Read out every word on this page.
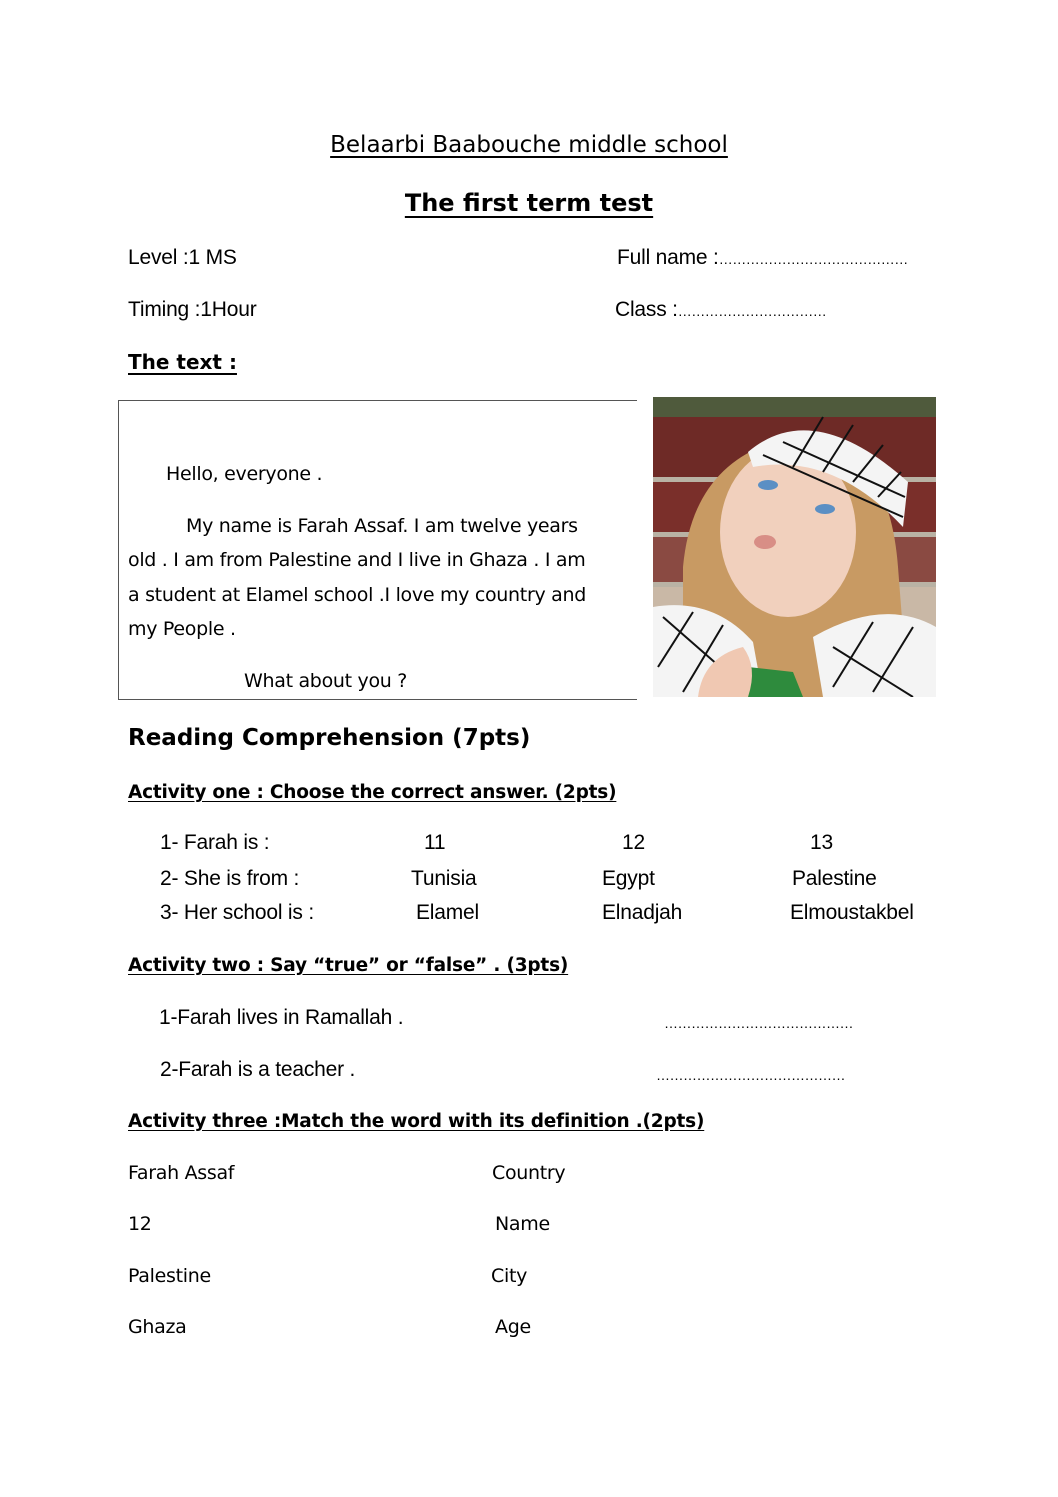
Belaarbi Baabouche middle school
The first term test
Level :1 MS	Full name :……………………………………
Timing :1Hour	Class :……………………………
The text :
Hello, everyone .
My name is Farah Assaf. I am twelve years
old . I am from Palestine and I live in Ghaza . I am
a student at Elamel school .I love my country and
my People .
What about you ?
Reading Comprehension (7pts)
Activity one : Choose the correct answer. (2pts)
1- Farah is :	11	12	13
2- She is from :	Tunisia	Egypt	Palestine
3- Her school is :	Elamel	Elnadjah	Elmoustakbel
Activity two : Say “true” or “false” . (3pts)
1-Farah lives in Ramallah .	……………………………………
2-Farah is a teacher .	……………………………………
Activity three :Match the word with its definition .(2pts)
Farah Assaf	Country
12	Name
Palestine	City
Ghaza	Age
